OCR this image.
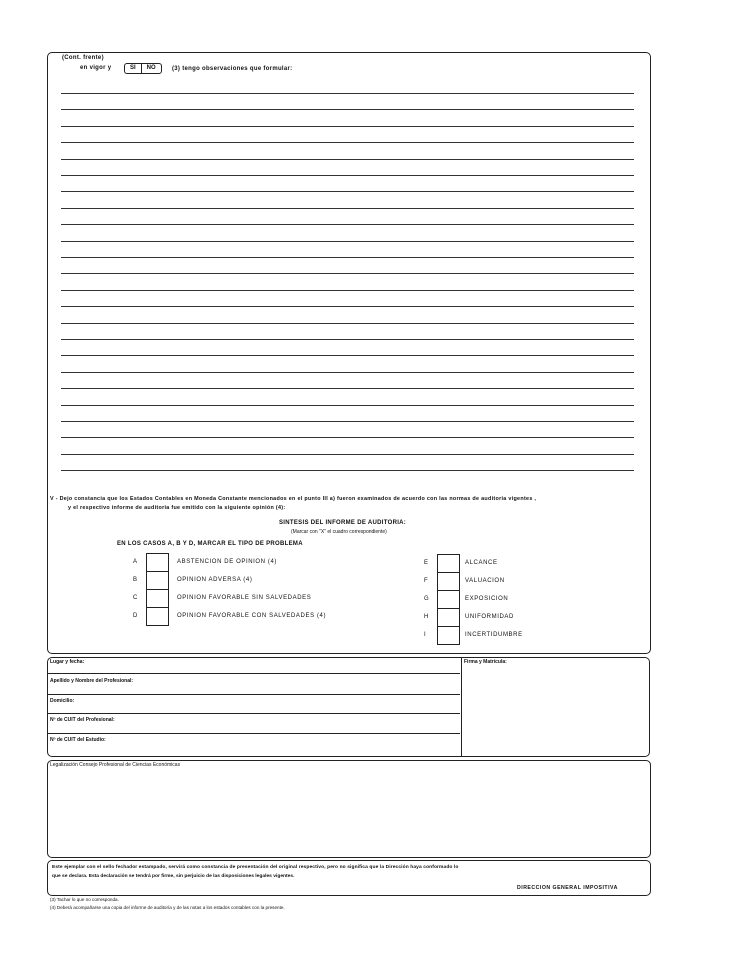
(Cont. frente)
en vigor y	SI	NO	(3) tengo observaciones que formular:
V - Dejo constancia que los Estados Contables en Moneda Constante mencionados en el punto III a) fueron examinados de acuerdo con las normas de auditoria vigentes ,
y el respectivo informe de auditoria fue emitido con la siguiente opinión (4):
SINTESIS DEL INFORME DE AUDITORIA:
(Marcar con "X" el cuadro correspondiente)
EN LOS CASOS A, B Y D, MARCAR EL TIPO DE PROBLEMA
A	ABSTENCION DE OPINION (4)
B	OPINION ADVERSA (4)
C	OPINION FAVORABLE SIN SALVEDADES
D	OPINION FAVORABLE CON SALVEDADES (4)
E	ALCANCE
F	VALUACION
G	EXPOSICION
H	UNIFORMIDAD
I	INCERTIDUMBRE
Lugar y fecha:
Apellido y Nombre del Profesional:
Domicilio:
Nº de CUIT del Profesional:
Nº de CUIT del Estudio:
Firma y Matrícula:
Legalización Consejo Profesional de Ciencias Económicas
Este ejemplar con el sello fechador estampado, servirá como constancia de presentación del original respectivo, pero no significa que la Dirección haya conformado lo
que se declara. Esta declaración se tendrá por firme, sin perjuicio de las disposiciones legales vigentes.
DIRECCION GENERAL IMPOSITIVA
(3) Tachar lo que no corresponda.
(4) Deberá acompañarse una copia del informe de auditoría y de las notas a los estados contables con la presente.
